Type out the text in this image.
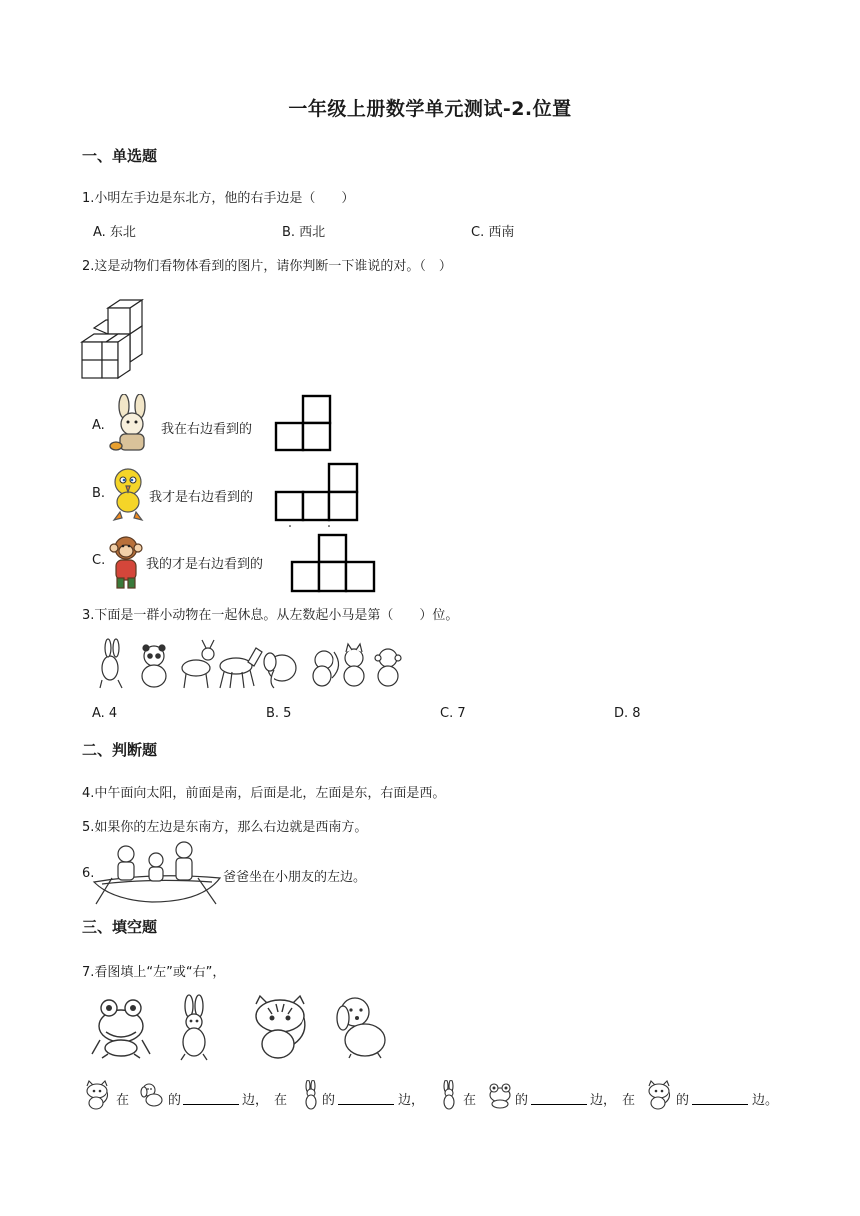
一年级上册数学单元测试-2.位置
一、单选题
1.小明左手边是东北方，他的右手边是（　　）
A. 东北	B. 西北	C. 西南
2.这是动物们看物体看到的图片，请你判断一下谁说的对。（　）
A.	我在右边看到的
B.	我才是右边看到的
C.	我的才是右边看到的
3.下面是一群小动物在一起休息。从左数起小马是第（　　）位。
A. 4	B. 5	C. 7	D. 8
二、判断题
4.中午面向太阳，前面是南，后面是北，左面是东，右面是西。
5.如果你的左边是东南方，那么右边就是西南方。
6.	爸爸坐在小朋友的左边。
三、填空题
7.看图填上“左”或“右”，
在	的	边， 在	的	边，	在	的	边， 在	的	边。
